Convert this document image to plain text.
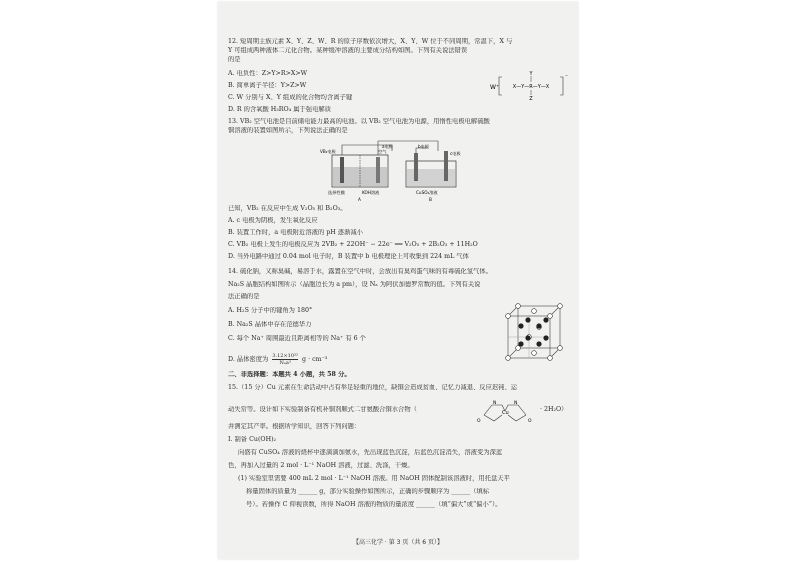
12. 短周期主族元素 X、Y、Z、W、R 的原子序数依次增大，X、Y、W 位于不同周期，常温下，X 与
Y 可组成两种液体二元化合物。某种缓冲溶液的主要成分结构如图。下列有关说法错误
的是
A. 电负性：Z>Y>R>X>W
B. 简单离子半径：Y>Z>W
C. W 分别与 X、Y 组成的化合物均含离子键
D. R 的含氧酸 H₃RO₄ 属于强电解质
W⁺
Y
X—Y—R—Y—X
Z
⁻
13. VB₂ 空气电池是目前储电能力最高的电池。以 VB₂ 空气电池为电源，用惰性电极电解硫酸
铜溶液的装置如图所示，下列说法正确的是
VB₂电极	空气
a电极	b电极
c电极
选择性膜	KOH溶液	CuSO₄溶液
A	B
已知，VB₂ 在反应中生成 V₂O₅ 和 B₂O₃。
A. c 电极为阴极，发生氧化反应
B. 装置工作时，a 电极附近溶液的 pH 逐渐减小
C. VB₂ 电极上发生的电极反应为 2VB₂ + 22OH⁻ − 22e⁻ ══ V₂O₅ + 2B₂O₃ + 11H₂O
D. 当外电路中通过 0.04 mol 电子时，B 装置中 b 电极理论上可收集到 224 mL 气体
14. 硫化钠，又称臭碱，易溶于水，露置在空气中时，会放出有臭鸡蛋气味的有毒硫化氢气体。
Na₂S 晶胞结构如图所示（晶胞边长为 a pm），设 Nₐ 为阿伏加德罗常数的值。下列有关说
法正确的是
A. H₂S 分子中的键角为 180°
B. Na₂S 晶体中存在范德华力
C. 每个 Na⁺ 周围最近且距离相等的 Na⁺ 有 6 个
D. 晶体密度为 3.12×10³²
Nₐa³	g · cm⁻³
二、非选择题：本题共 4 小题，共 58 分。
15.（15 分）Cu 元素在生命活动中占有举足轻重的地位，缺铜会造成贫血、记忆力减退、反应迟钝、运
动失常等。设计如下实验制备有机补铜剂顺式二甘氨酸合铜水合物（	Cu
N	N
O	O
· 2H₂O）
并测定其产率。根据所学知识，回答下列问题：
Ⅰ. 制备 Cu(OH)₂
向盛有 CuSO₄ 溶液的烧杯中逐滴滴加氨水，先出现蓝色沉淀，后蓝色沉淀消失，溶液变为深蓝
色，再加入过量的 2 mol · L⁻¹ NaOH 溶液，过滤、洗涤，干燥。
(1) 实验室里需要 400 mL 2 mol · L⁻¹ NaOH 溶液。用 NaOH 固体配制该溶液时，用托盘天平
称量固体的质量为 ______ g，部分实验操作如图所示，正确的步骤顺序为 ______（填标
号）。若操作 C 仰视读数，所得 NaOH 溶液的物质的量浓度 ______（填“偏大”或“偏小”）。
【高三化学 · 第 3 页（共 6 页）】
